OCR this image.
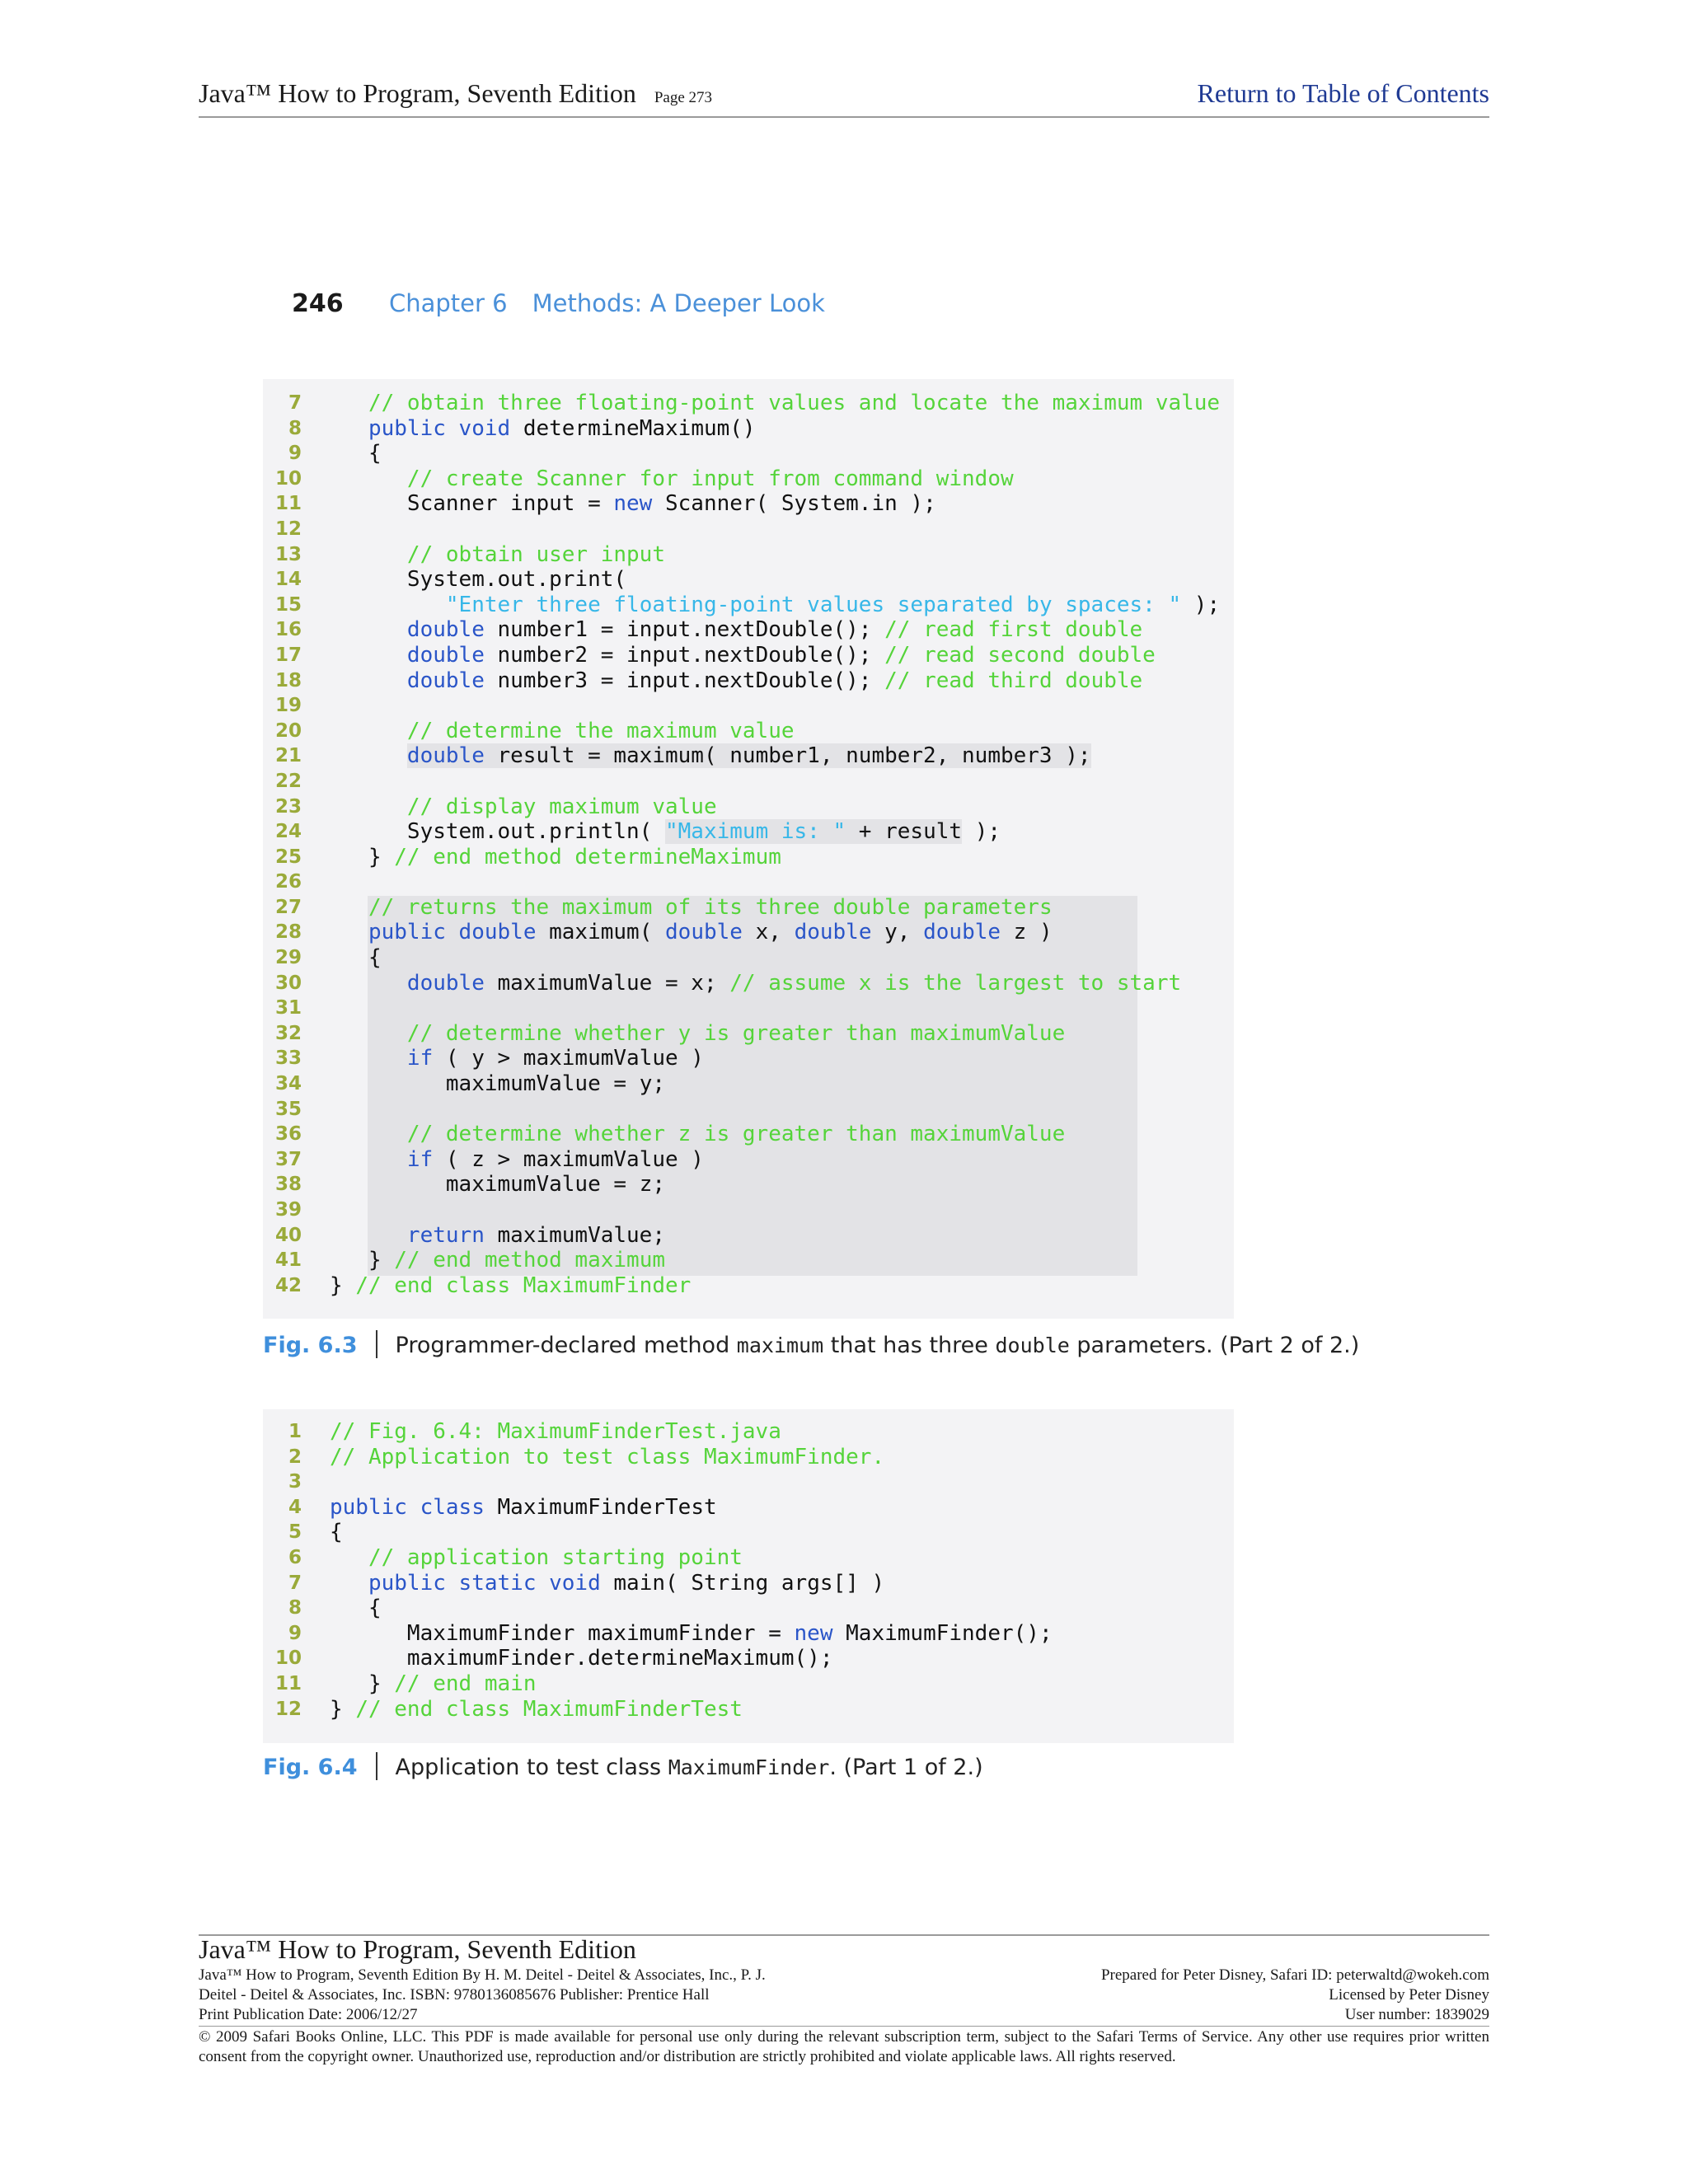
Java™ How to Program, Seventh Edition Page 273	Return to Table of Contents
246 Chapter 6 Methods: A Deeper Look
7
8
9
10
11
12
13
14
15
16
17
18
19
20
21
22
23
24
25
26
27
28
29
30
31
32
33
34
35
36
37
38
39
40
41
42
// obtain three floating-point values and locate the maximum value
public void determineMaximum()
{
// create Scanner for input from command window
Scanner input = new Scanner( System.in );
// obtain user input
System.out.print(
"Enter three floating-point values separated by spaces: " );
double number1 = input.nextDouble(); // read first double
double number2 = input.nextDouble(); // read second double
double number3 = input.nextDouble(); // read third double
// determine the maximum value
double result = maximum( number1, number2, number3 );
// display maximum value
System.out.println( "Maximum is: " + result );
} // end method determineMaximum
// returns the maximum of its three double parameters
public double maximum( double x, double y, double z )
{
double maximumValue = x; // assume x is the largest to start
// determine whether y is greater than maximumValue
if ( y > maximumValue )
maximumValue = y;
// determine whether z is greater than maximumValue
if ( z > maximumValue )
maximumValue = z;
return maximumValue;
} // end method maximum
} // end class MaximumFinder
Fig. 6.3 Programmer-declared method maximum that has three double parameters. (Part 2 of 2.)
1
2
3
4
5
6
7
8
9
10
11
12
// Fig. 6.4: MaximumFinderTest.java
// Application to test class MaximumFinder.
public class MaximumFinderTest
{
// application starting point
public static void main( String args[] )
{
MaximumFinder maximumFinder = new MaximumFinder();
maximumFinder.determineMaximum();
} // end main
} // end class MaximumFinderTest
Fig. 6.4 Application to test class MaximumFinder. (Part 1 of 2.)
Java™ How to Program, Seventh Edition
Java™ How to Program, Seventh Edition By H. M. Deitel - Deitel & Associates, Inc., P. J.
Deitel - Deitel & Associates, Inc. ISBN: 9780136085676 Publisher: Prentice Hall
Print Publication Date: 2006/12/27
Prepared for Peter Disney, Safari ID: peterwaltd@wokeh.com
Licensed by Peter Disney
User number: 1839029
© 2009 Safari Books Online, LLC. This PDF is made available for personal use only during the relevant subscription term, subject to the Safari Terms of Service. Any other use requires prior written consent from the copyright owner. Unauthorized use, reproduction and/or distribution are strictly prohibited and violate applicable laws. All rights reserved.
